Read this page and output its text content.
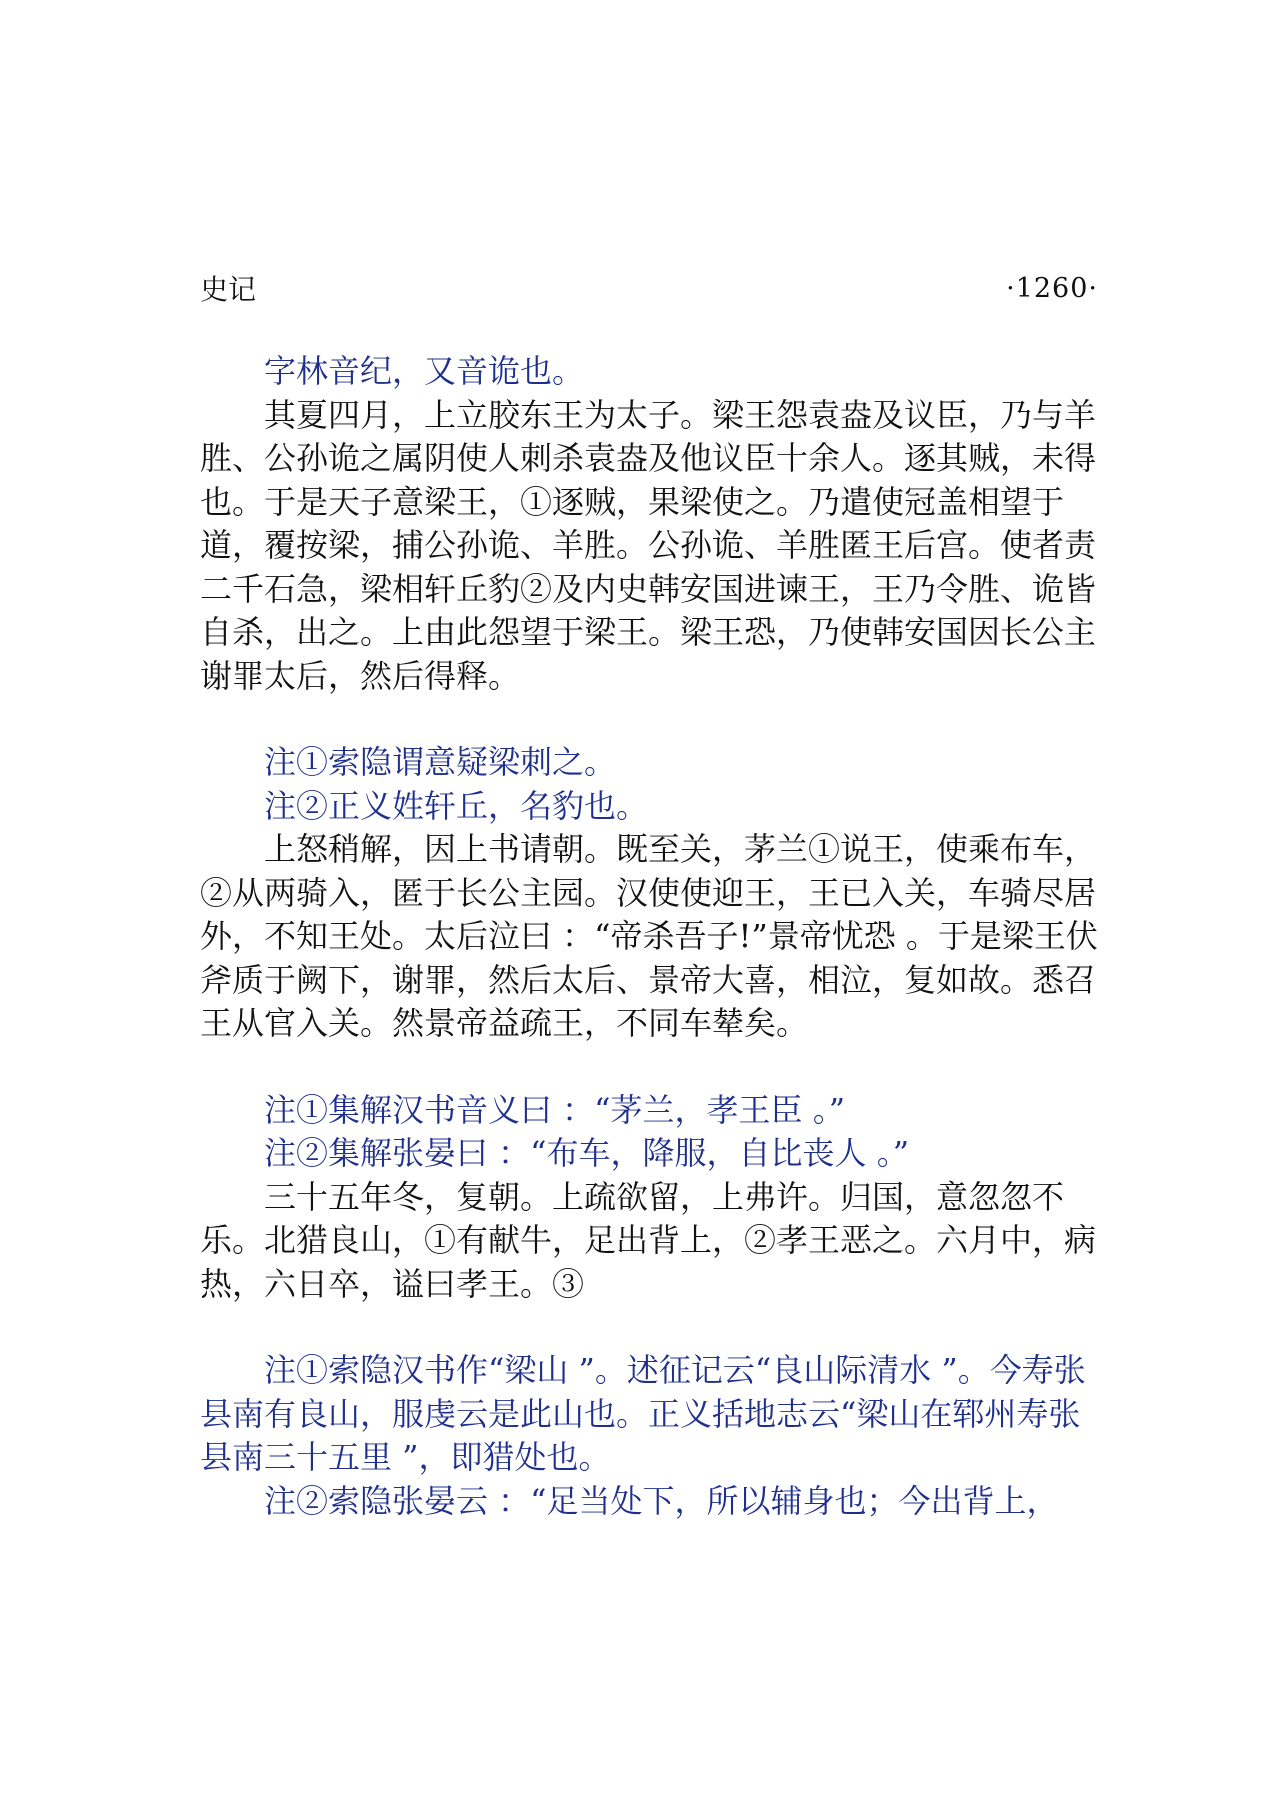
史记	·1260·

字林音纪，又音诡也。

其夏四月，上立胶东王为太子。梁王怨袁盎及议臣，乃与羊胜、公孙诡之属阴使人刺杀袁盎及他议臣十余人。逐其贼，未得也。于是天子意梁王，①逐贼，果梁使之。乃遣使冠盖相望于道，覆按梁，捕公孙诡、羊胜。公孙诡、羊胜匿王后宫。使者责二千石急，梁相轩丘豹②及内史韩安国进谏王，王乃令胜、诡皆自杀，出之。上由此怨望于梁王。梁王恐，乃使韩安国因长公主谢罪太后，然后得释。

注①索隐谓意疑梁刺之。

注②正义姓轩丘，名豹也。

上怒稍解，因上书请朝。既至关，茅兰①说王，使乘布车，②从两骑入，匿于长公主园。汉使使迎王，王已入关，车骑尽居外，不知王处。太后泣曰 ：“帝杀吾子!”景帝忧恐 。于是梁王伏斧质于阙下，谢罪，然后太后、景帝大喜，相泣，复如故。悉召王从官入关。然景帝益疏王，不同车辇矣。

注①集解汉书音义曰 ：“茅兰，孝王臣 。”

注②集解张晏曰 ：“布车，降服，自比丧人 。”

三十五年冬，复朝。上疏欲留，上弗许。归国，意忽忽不乐。北猎良山，①有献牛，足出背上，②孝王恶之。六月中，病热，六日卒，谥曰孝王。③

注①索隐汉书作“梁山 ”。述征记云“良山际清水 ”。今寿张县南有良山，服虔云是此山也。正义括地志云“梁山在郓州寿张县南三十五里 ”，即猎处也。

注②索隐张晏云 ：“足当处下，所以辅身也；今出背上，
